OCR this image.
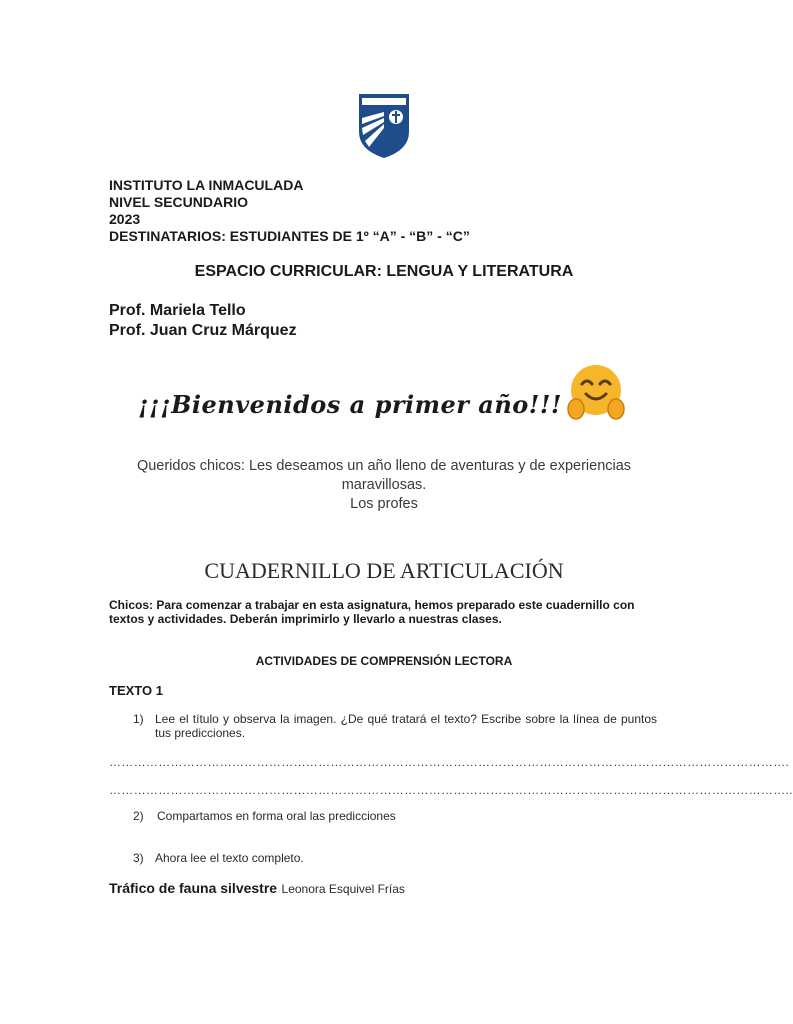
INSTITUTO LA INMACULADA
NIVEL SECUNDARIO
2023
DESTINATARIOS: ESTUDIANTES DE 1º “A” - “B” - “C”
ESPACIO CURRICULAR: LENGUA Y LITERATURA
Prof. Mariela Tello
Prof. Juan Cruz Márquez
¡¡¡Bienvenidos a primer año!!!
Queridos chicos: Les deseamos un año lleno de aventuras y de experiencias maravillosas.
Los profes
CUADERNILLO DE ARTICULACIÓN
Chicos: Para comenzar a trabajar en esta asignatura, hemos preparado este cuadernillo con textos y actividades. Deberán imprimirlo y llevarlo a nuestras clases.
ACTIVIDADES DE COMPRENSIÓN LECTORA
TEXTO 1
1) Lee el título y observa la imagen. ¿De qué tratará el texto? Escribe sobre la línea de puntos tus predicciones.
………………………………………………………………………………………………………………………………………………….
…………………………………………………………………………………………………………………………………………………..
2) Compartamos en forma oral las predicciones
3) Ahora lee el texto completo.
Tráfico de fauna silvestre Leonora Esquivel Frías
